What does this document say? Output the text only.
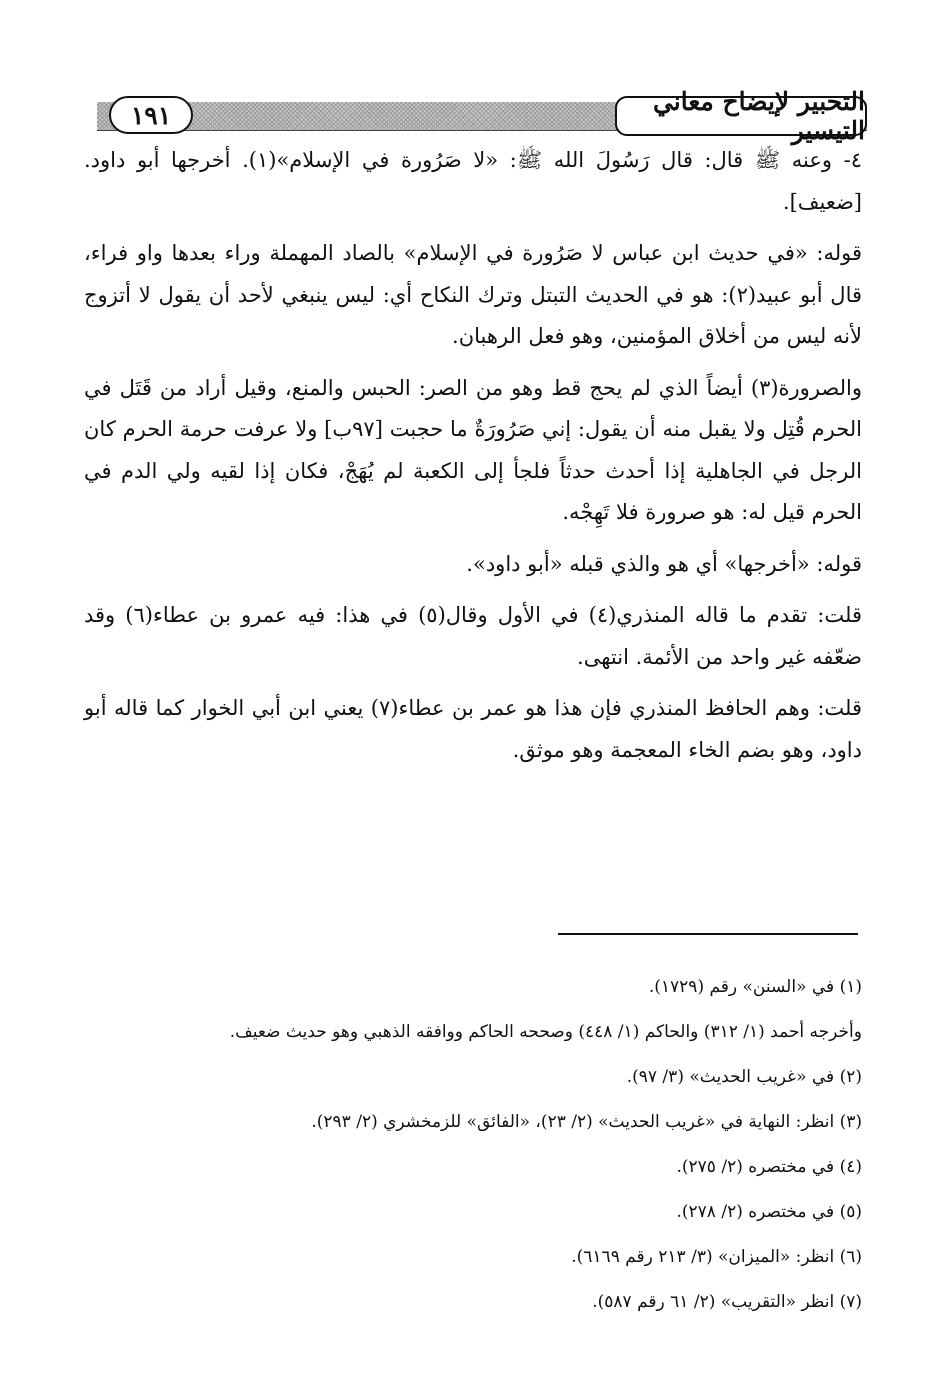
١٩١	التحبير لإيضاح معاني التيسير

٤- وعنه ﷺ قال: قال رَسُولَ الله ﷺ: «لا صَرُورة في الإسلام»(١). أخرجها أبو داود. [ضعيف].

قوله: «في حديث ابن عباس لا صَرُورة في الإسلام» بالصاد المهملة وراء بعدها واو فراء، قال أبو عبيد(٢): هو في الحديث التبتل وترك النكاح أي: ليس ينبغي لأحد أن يقول لا أتزوج لأنه ليس من أخلاق المؤمنين، وهو فعل الرهبان.

والصرورة(٣) أيضاً الذي لم يحج قط وهو من الصر: الحبس والمنع، وقيل أراد من قَتَل في الحرم قُتِل ولا يقبل منه أن يقول: إني صَرُورَةٌ ما حجبت [٩٧ب] ولا عرفت حرمة الحرم كان الرجل في الجاهلية إذا أحدث حدثاً فلجأ إلى الكعبة لم يُهَجْ، فكان إذا لقيه ولي الدم في الحرم قيل له: هو صرورة فلا تَهِجْه.

قوله: «أخرجها» أي هو والذي قبله «أبو داود».

قلت: تقدم ما قاله المنذري(٤) في الأول وقال(٥) في هذا: فيه عمرو بن عطاء(٦) وقد ضعّفه غير واحد من الأئمة. انتهى.

قلت: وهم الحافظ المنذري فإن هذا هو عمر بن عطاء(٧) يعني ابن أبي الخوار كما قاله أبو داود، وهو بضم الخاء المعجمة وهو موثق.

(١) في «السنن» رقم (١٧٢٩).
وأخرجه أحمد (١/ ٣١٢) والحاكم (١/ ٤٤٨) وصححه الحاكم ووافقه الذهبي وهو حديث ضعيف.
(٢) في «غريب الحديث» (٣/ ٩٧).
(٣) انظر: النهاية في «غريب الحديث» (٢/ ٢٣)، «الفائق» للزمخشري (٢/ ٢٩٣).
(٤) في مختصره (٢/ ٢٧٥).
(٥) في مختصره (٢/ ٢٧٨).
(٦) انظر: «الميزان» (٣/ ٢١٣ رقم ٦١٦٩).
(٧) انظر «التقريب» (٢/ ٦١ رقم ٥٨٧).
